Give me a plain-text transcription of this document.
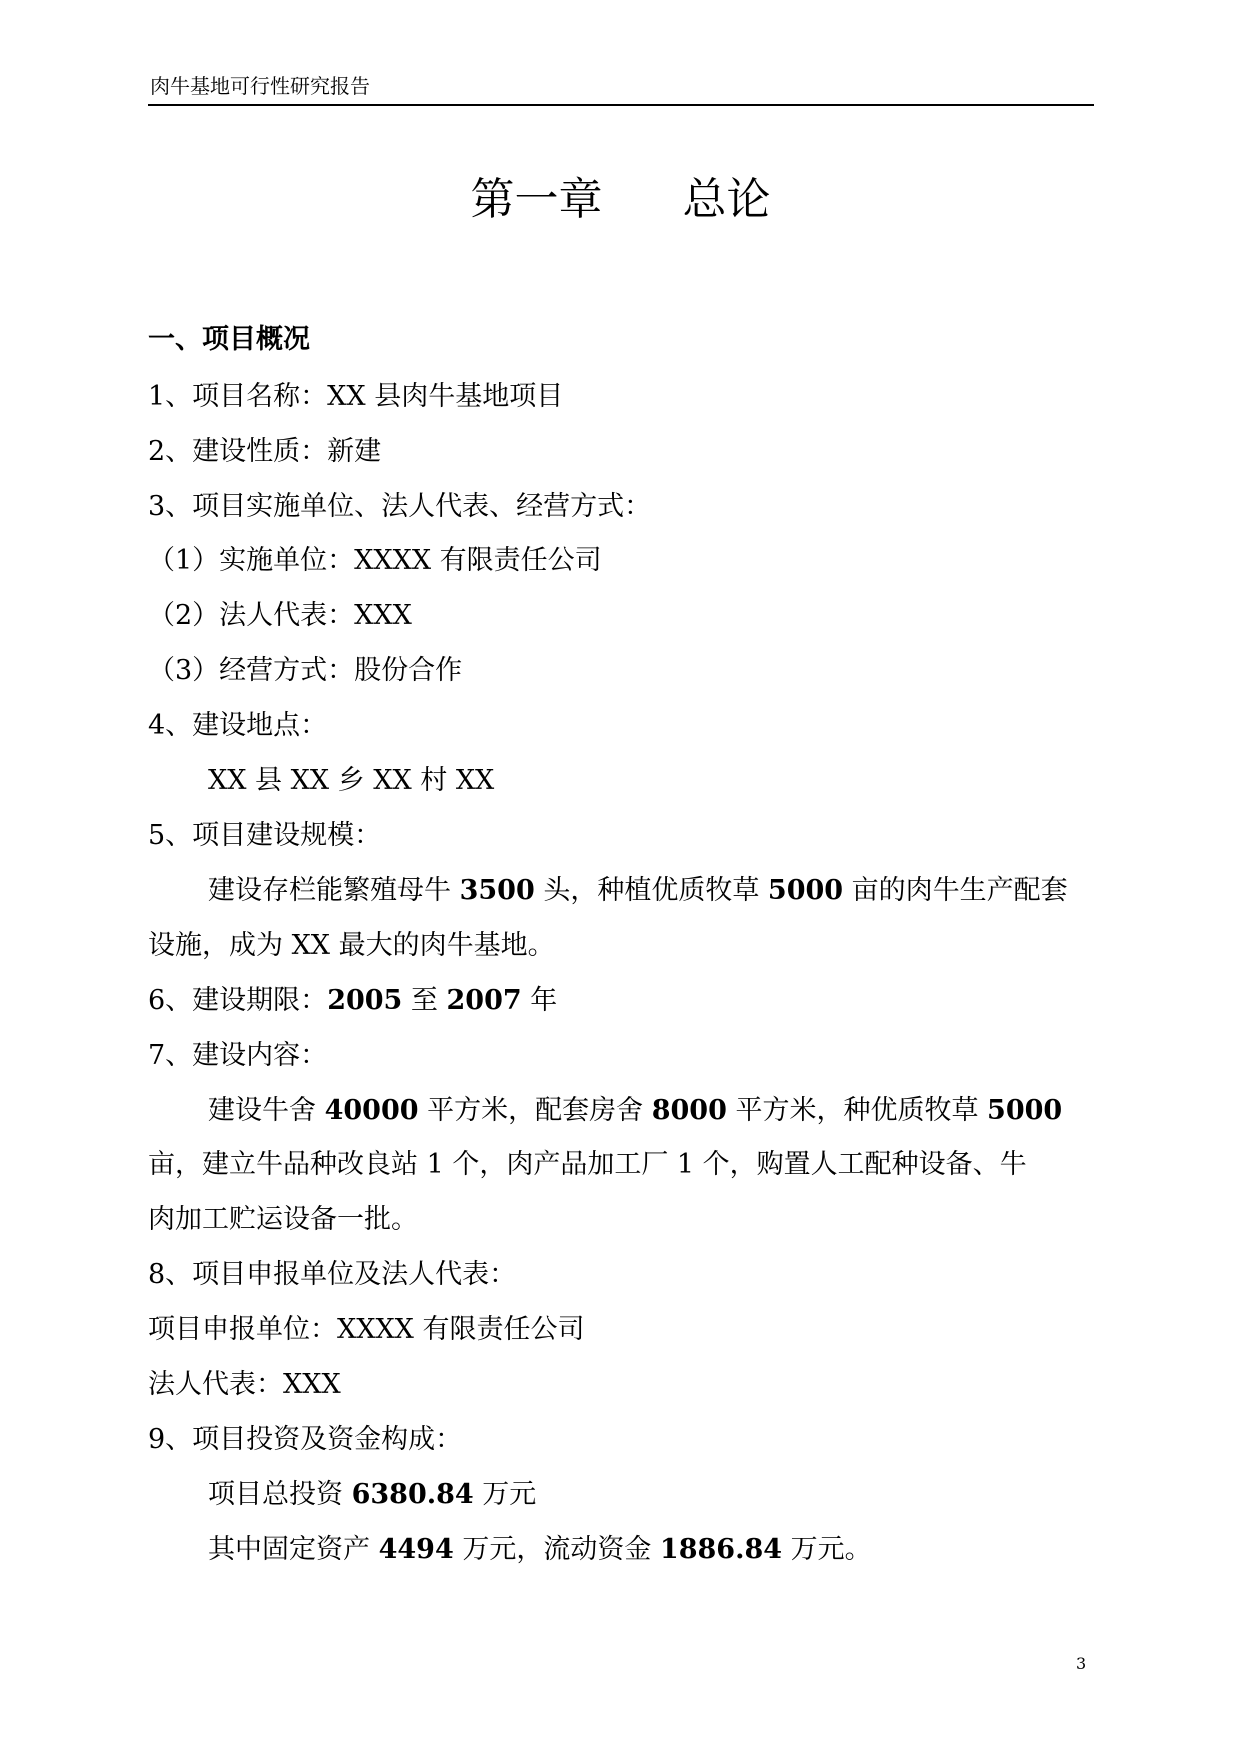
肉牛基地可行性研究报告
第一章 总论
一、项目概况
1、项目名称：XX 县肉牛基地项目
2、建设性质：新建
3、项目实施单位、法人代表、经营方式：
（1）实施单位：XXXX 有限责任公司
（2）法人代表：XXX
（3）经营方式：股份合作
4、建设地点：
XX 县 XX 乡 XX 村 XX
5、项目建设规模：
建设存栏能繁殖母牛 3500 头，种植优质牧草 5000 亩的肉牛生产配套
设施，成为 XX 最大的肉牛基地。
6、建设期限：2005 至 2007 年
7、建设内容：
建设牛舍 40000 平方米，配套房舍 8000 平方米，种优质牧草 5000
亩，建立牛品种改良站 1 个，肉产品加工厂 1 个，购置人工配种设备、牛
肉加工贮运设备一批。
8、项目申报单位及法人代表：
项目申报单位：XXXX 有限责任公司
法人代表：XXX
9、项目投资及资金构成：
项目总投资 6380.84 万元
其中固定资产 4494 万元，流动资金 1886.84 万元。
3
